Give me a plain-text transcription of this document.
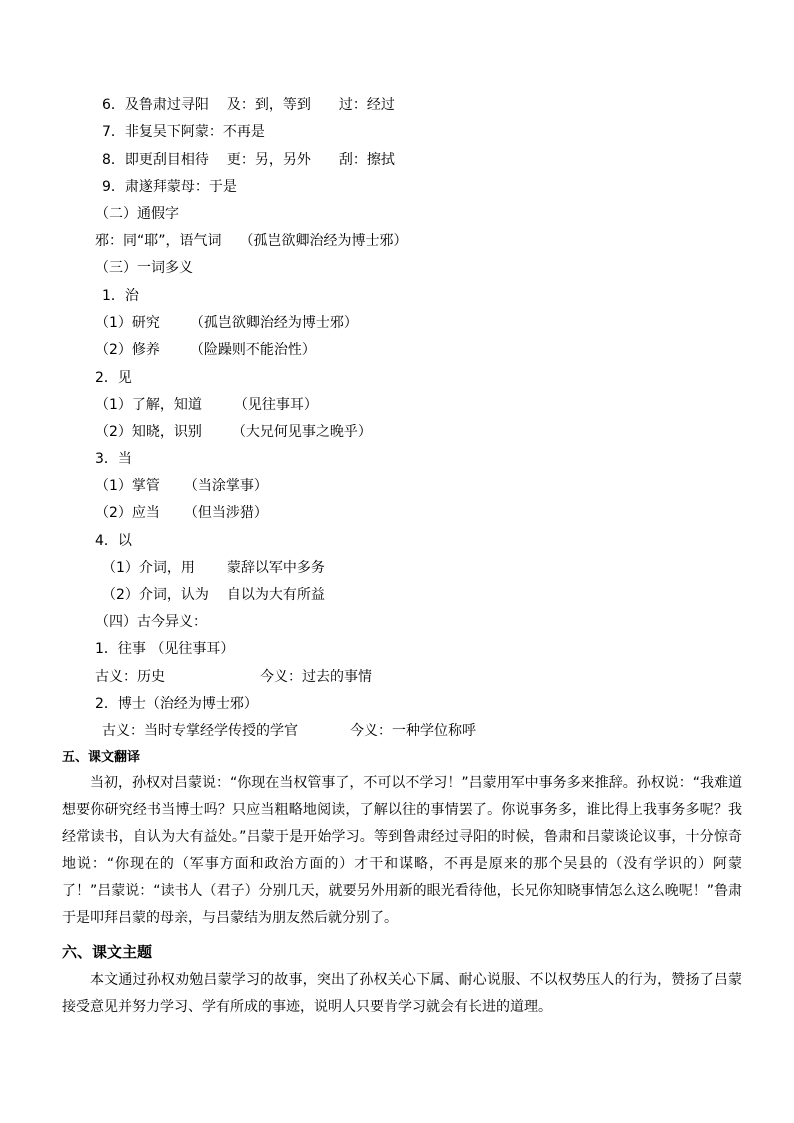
6．及鲁肃过寻阳 及：到，等到 过：经过
7．非复吴下阿蒙：不再是
8．即更刮目相待 更：另，另外 刮：擦拭
9．肃遂拜蒙母：于是
（二）通假字
邪：同“耶”，语气词 （孤岂欲卿治经为博士邪）
（三）一词多义
1．治
（1）研究 （孤岂欲卿治经为博士邪）
（2）修养 （险躁则不能治性）
2．见
（1）了解，知道 （见往事耳）
（2）知晓，识别 （大兄何见事之晚乎）
3．当
（1）掌管 （当涂掌事）
（2）应当 （但当涉猎）
4．以
（1）介词，用 蒙辞以军中多务
（2）介词，认为 自以为大有所益
（四）古今异义：
1．往事 （见往事耳）
古义：历史	今义：过去的事情
2．博士（治经为博士邪）
古义：当时专掌经学传授的学官	今义：一种学位称呼
五、课文翻译
当初，孙权对吕蒙说：“你现在当权管事了，不可以不学习！”吕蒙用军中事务多来推辞。孙权说：“我难道想要你研究经书当博士吗？只应当粗略地阅读，了解以往的事情罢了。你说事务多，谁比得上我事务多呢？我经常读书，自认为大有益处。”吕蒙于是开始学习。等到鲁肃经过寻阳的时候，鲁肃和吕蒙谈论议事，十分惊奇地说：“你现在的（军事方面和政治方面的）才干和谋略，不再是原来的那个吴县的（没有学识的）阿蒙了！”吕蒙说：“读书人（君子）分别几天，就要另外用新的眼光看待他，长兄你知晓事情怎么这么晚呢！”鲁肃于是叩拜吕蒙的母亲，与吕蒙结为朋友然后就分别了。
六、课文主题
本文通过孙权劝勉吕蒙学习的故事，突出了孙权关心下属、耐心说服、不以权势压人的行为，赞扬了吕蒙接受意见并努力学习、学有所成的事迹，说明人只要肯学习就会有长进的道理。
